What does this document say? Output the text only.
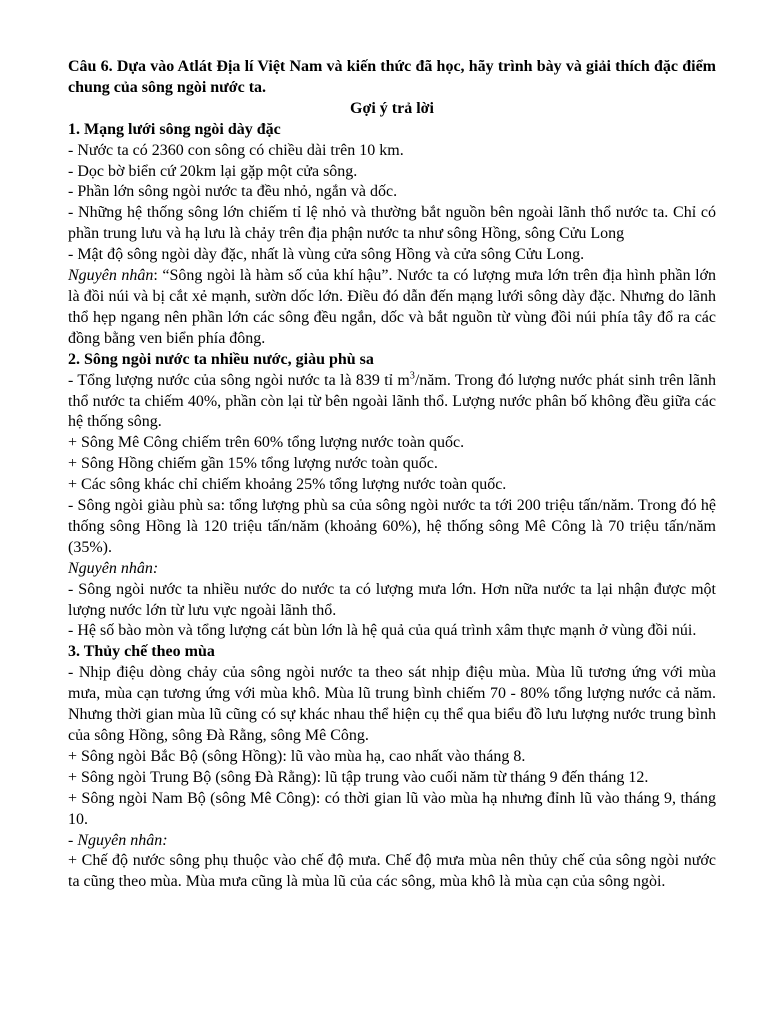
Câu 6. Dựa vào Atlát Địa lí Việt Nam và kiến thức đã học, hãy trình bày và giải thích đặc điểm chung của sông ngòi nước ta.

Gợi ý trả lời

1. Mạng lưới sông ngòi dày đặc

- Nước ta có 2360 con sông có chiều dài trên 10 km.

- Dọc bờ biển cứ 20km lại gặp một cửa sông.

- Phần lớn sông ngòi nước ta đều nhỏ, ngắn và dốc.

- Những hệ thống sông lớn chiếm tỉ lệ nhỏ và thường bắt nguồn bên ngoài lãnh thổ nước ta. Chỉ có phần trung lưu và hạ lưu là chảy trên địa phận nước ta như sông Hồng, sông Cửu Long

- Mật độ sông ngòi dày đặc, nhất là vùng cửa sông Hồng và cửa sông Cửu Long.

Nguyên nhân: “Sông ngòi là hàm số của khí hậu”. Nước ta có lượng mưa lớn trên địa hình phần lớn là đồi núi và bị cắt xẻ mạnh, sườn dốc lớn. Điều đó dẫn đến mạng lưới sông dày đặc. Nhưng do lãnh thổ hẹp ngang nên phần lớn các sông đều ngắn, dốc và bắt nguồn từ vùng đồi núi phía tây đổ ra các đồng bằng ven biển phía đông.

2. Sông ngòi nước ta nhiều nước, giàu phù sa

- Tổng lượng nước của sông ngòi nước ta là 839 tỉ $m^3$/năm. Trong đó lượng nước phát sinh trên lãnh thổ nước ta chiếm 40%, phần còn lại từ bên ngoài lãnh thổ. Lượng nước phân bố không đều giữa các hệ thống sông.

+ Sông Mê Công chiếm trên 60% tổng lượng nước toàn quốc.

+ Sông Hồng chiếm gần 15% tổng lượng nước toàn quốc.

+ Các sông khác chỉ chiếm khoảng 25% tổng lượng nước toàn quốc.

- Sông ngòi giàu phù sa: tổng lượng phù sa của sông ngòi nước ta tới 200 triệu tấn/năm. Trong đó hệ thống sông Hồng là 120 triệu tấn/năm (khoảng 60%), hệ thống sông Mê Công là 70 triệu tấn/năm (35%).

Nguyên nhân:

- Sông ngòi nước ta nhiều nước do nước ta có lượng mưa lớn. Hơn nữa nước ta lại nhận được một lượng nước lớn từ lưu vực ngoài lãnh thổ.

- Hệ số bào mòn và tổng lượng cát bùn lớn là hệ quả của quá trình xâm thực mạnh ở vùng đồi núi.

3. Thủy chế theo mùa

- Nhịp điệu dòng chảy của sông ngòi nước ta theo sát nhịp điệu mùa. Mùa lũ tương ứng với mùa mưa, mùa cạn tương ứng với mùa khô. Mùa lũ trung bình chiếm 70 - 80% tổng lượng nước cả năm. Nhưng thời gian mùa lũ cũng có sự khác nhau thể hiện cụ thể qua biểu đồ lưu lượng nước trung bình của sông Hồng, sông Đà Rằng, sông Mê Công.

+ Sông ngòi Bắc Bộ (sông Hồng): lũ vào mùa hạ, cao nhất vào tháng 8.

+ Sông ngòi Trung Bộ (sông Đà Rằng): lũ tập trung vào cuối năm từ tháng 9 đến tháng 12.

+ Sông ngòi Nam Bộ (sông Mê Công): có thời gian lũ vào mùa hạ nhưng đỉnh lũ vào tháng 9, tháng 10.

- Nguyên nhân:

+ Chế độ nước sông phụ thuộc vào chế độ mưa. Chế độ mưa mùa nên thủy chế của sông ngòi nước ta cũng theo mùa. Mùa mưa cũng là mùa lũ của các sông, mùa khô là mùa cạn của sông ngòi.
